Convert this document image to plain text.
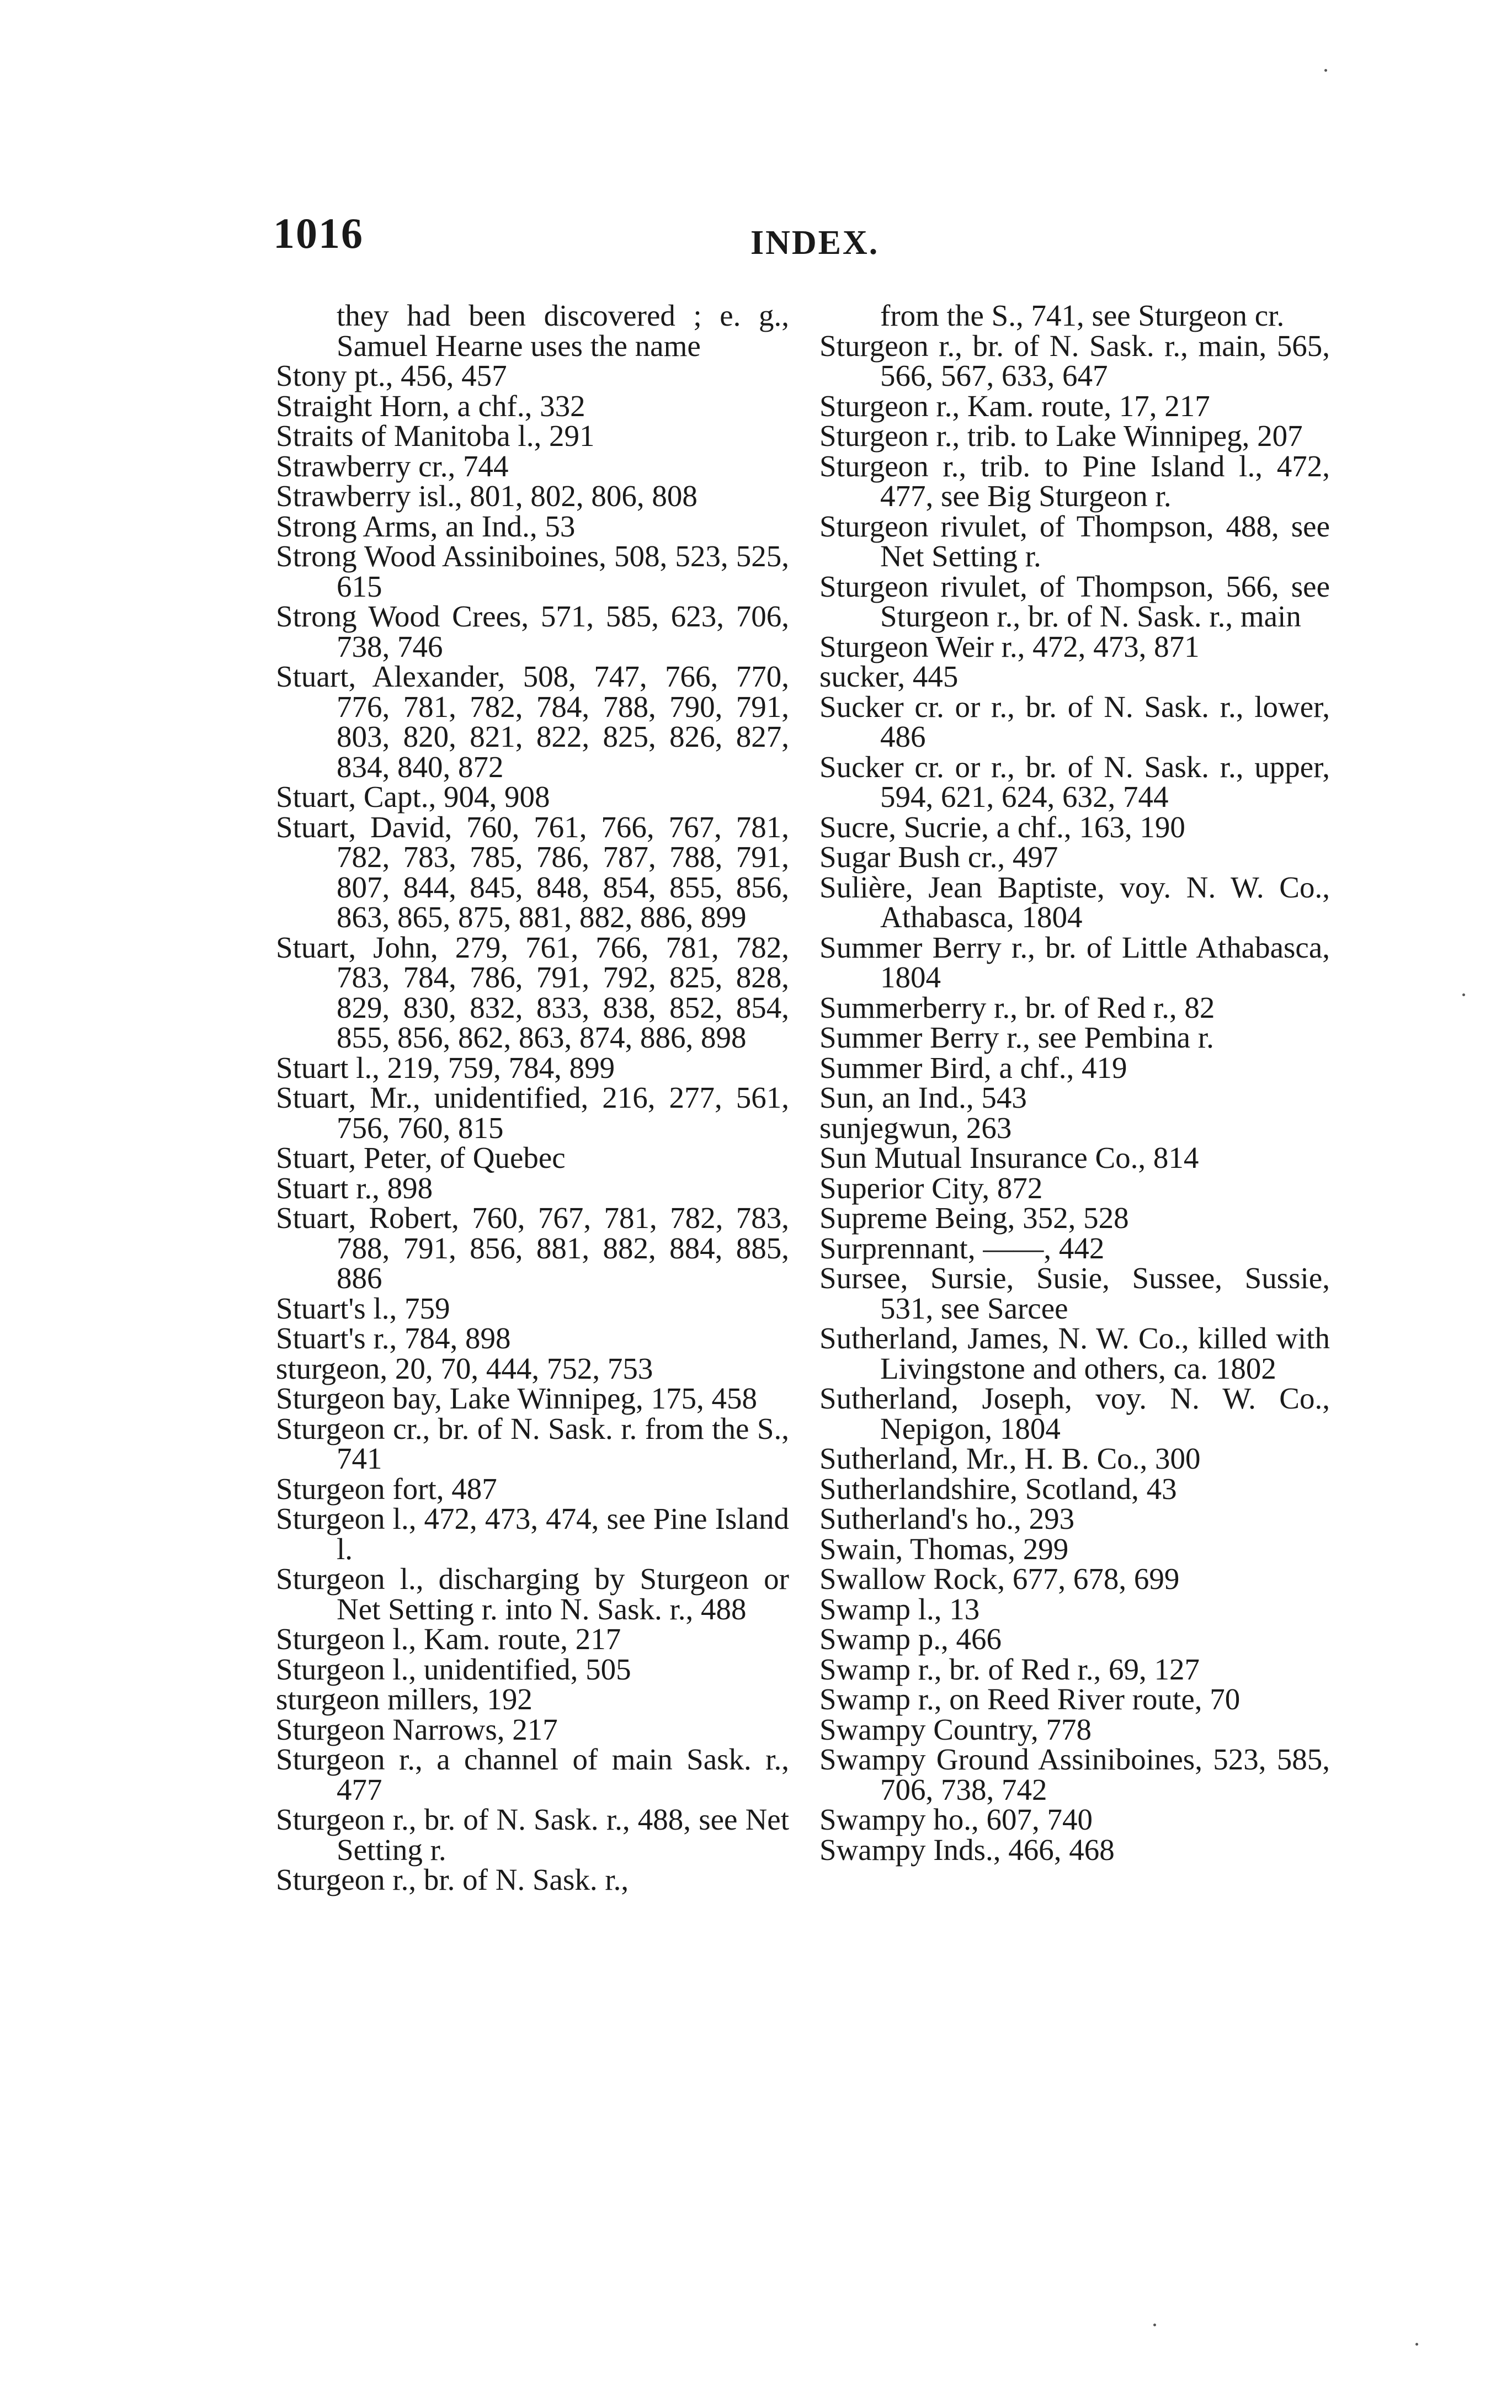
1016	INDEX.

they had been discovered ; e. g., Samuel Hearne uses the name

Stony pt., 456, 457

Straight Horn, a chf., 332

Straits of Manitoba l., 291

Strawberry cr., 744

Strawberry isl., 801, 802, 806, 808

Strong Arms, an Ind., 53

Strong Wood Assiniboines, 508, 523, 525, 615

Strong Wood Crees, 571, 585, 623, 706, 738, 746

Stuart, Alexander, 508, 747, 766, 770, 776, 781, 782, 784, 788, 790, 791, 803, 820, 821, 822, 825, 826, 827, 834, 840, 872

Stuart, Capt., 904, 908

Stuart, David, 760, 761, 766, 767, 781, 782, 783, 785, 786, 787, 788, 791, 807, 844, 845, 848, 854, 855, 856, 863, 865, 875, 881, 882, 886, 899

Stuart, John, 279, 761, 766, 781, 782, 783, 784, 786, 791, 792, 825, 828, 829, 830, 832, 833, 838, 852, 854, 855, 856, 862, 863, 874, 886, 898

Stuart l., 219, 759, 784, 899

Stuart, Mr., unidentified, 216, 277, 561, 756, 760, 815

Stuart, Peter, of Quebec

Stuart r., 898

Stuart, Robert, 760, 767, 781, 782, 783, 788, 791, 856, 881, 882, 884, 885, 886

Stuart's l., 759

Stuart's r., 784, 898

sturgeon, 20, 70, 444, 752, 753

Sturgeon bay, Lake Winnipeg, 175, 458

Sturgeon cr., br. of N. Sask. r. from the S., 741

Sturgeon fort, 487

Sturgeon l., 472, 473, 474, see Pine Island l.

Sturgeon l., discharging by Sturgeon or Net Setting r. into N. Sask. r., 488

Sturgeon l., Kam. route, 217

Sturgeon l., unidentified, 505

sturgeon millers, 192

Sturgeon Narrows, 217

Sturgeon r., a channel of main Sask. r., 477

Sturgeon r., br. of N. Sask. r., 488, see Net Setting r.

Sturgeon r., br. of N. Sask. r.,

from the S., 741, see Sturgeon cr.

Sturgeon r., br. of N. Sask. r., main, 565, 566, 567, 633, 647

Sturgeon r., Kam. route, 17, 217

Sturgeon r., trib. to Lake Winnipeg, 207

Sturgeon r., trib. to Pine Island l., 472, 477, see Big Sturgeon r.

Sturgeon rivulet, of Thompson, 488, see Net Setting r.

Sturgeon rivulet, of Thompson, 566, see Sturgeon r., br. of N. Sask. r., main

Sturgeon Weir r., 472, 473, 871

sucker, 445

Sucker cr. or r., br. of N. Sask. r., lower, 486

Sucker cr. or r., br. of N. Sask. r., upper, 594, 621, 624, 632, 744

Sucre, Sucrie, a chf., 163, 190

Sugar Bush cr., 497

Sulière, Jean Baptiste, voy. N. W. Co., Athabasca, 1804

Summer Berry r., br. of Little Athabasca, 1804

Summerberry r., br. of Red r., 82

Summer Berry r., see Pembina r.

Summer Bird, a chf., 419

Sun, an Ind., 543

sunjegwun, 263

Sun Mutual Insurance Co., 814

Superior City, 872

Supreme Being, 352, 528

Surprennant, ——, 442

Sursee, Sursie, Susie, Sussee, Sussie, 531, see Sarcee

Sutherland, James, N. W. Co., killed with Livingstone and others, ca. 1802

Sutherland, Joseph, voy. N. W. Co., Nepigon, 1804

Sutherland, Mr., H. B. Co., 300

Sutherlandshire, Scotland, 43

Sutherland's ho., 293

Swain, Thomas, 299

Swallow Rock, 677, 678, 699

Swamp l., 13

Swamp p., 466

Swamp r., br. of Red r., 69, 127

Swamp r., on Reed River route, 70

Swampy Country, 778

Swampy Ground Assiniboines, 523, 585, 706, 738, 742

Swampy ho., 607, 740

Swampy Inds., 466, 468
